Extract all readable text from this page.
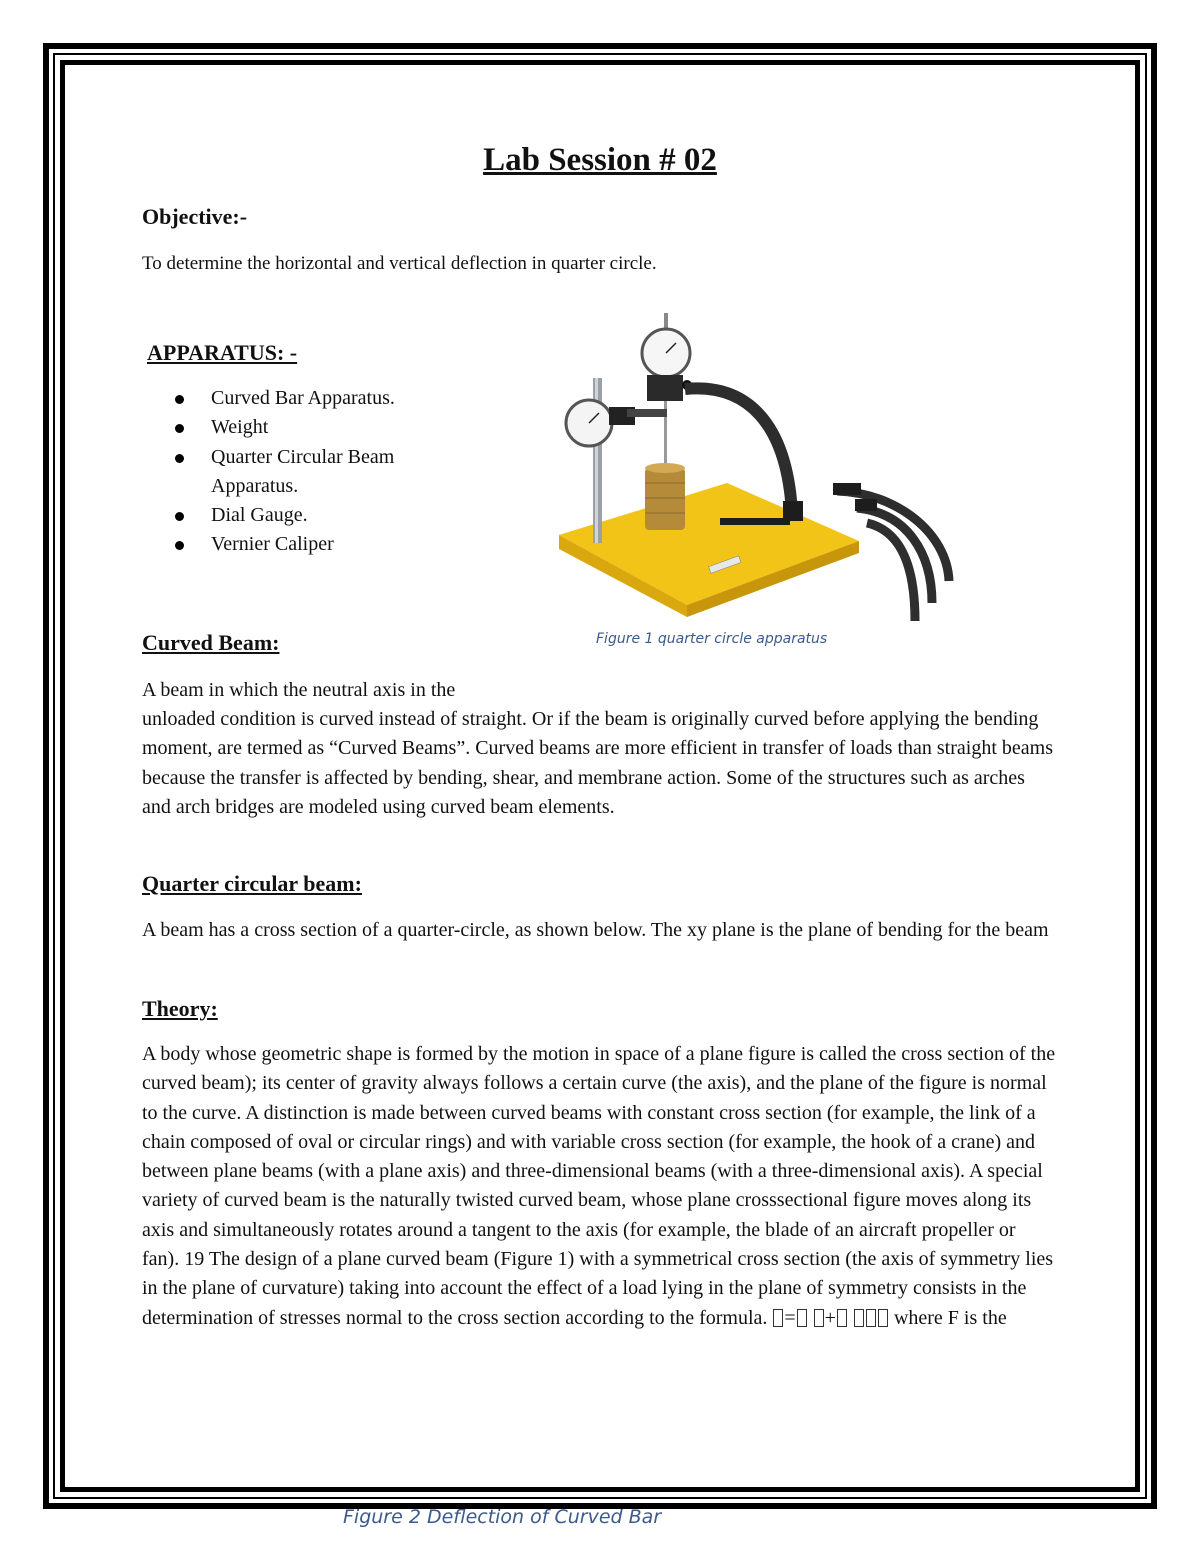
Lab Session # 02
Objective:-

To determine the horizontal and vertical deflection in quarter circle.

APPARATUS: -
Curved Bar Apparatus.
Weight
Quarter Circular Beam Apparatus.
Dial Gauge.
Vernier Caliper

Figure 1 quarter circle apparatus

Curved Beam:

A beam in which the neutral axis in the

unloaded condition is curved instead of straight. Or if the beam is originally curved before applying the bending moment, are termed as “Curved Beams”. Curved beams are more efficient in transfer of loads than straight beams because the transfer is affected by bending, shear, and membrane action. Some of the structures such as arches and arch bridges are modeled using curved beam elements.

Quarter circular beam:

A beam has a cross section of a quarter-circle, as shown below. The xy plane is the plane of bending for the beam

Theory:

A body whose geometric shape is formed by the motion in space of a plane figure is called the cross section of the curved beam); its center of gravity always follows a certain curve (the axis), and the plane of the figure is normal to the curve. A distinction is made between curved beams with constant cross section (for example, the link of a chain composed of oval or circular rings) and with variable cross section (for example, the hook of a crane) and between plane beams (with a plane axis) and three-dimensional beams (with a three-dimensional axis). A special variety of curved beam is the naturally twisted curved beam, whose plane crosssectional figure moves along its axis and simultaneously rotates around a tangent to the axis (for example, the blade of an aircraft propeller or fan). 19 The design of a plane curved beam (Figure 1) with a symmetrical cross section (the axis of symmetry lies in the plane of curvature) taking into account the effect of a load lying in the plane of symmetry consists in the determination of stresses normal to the cross section according to the formula. = +	where F is the

Figure 2 Deflection of Curved Bar
